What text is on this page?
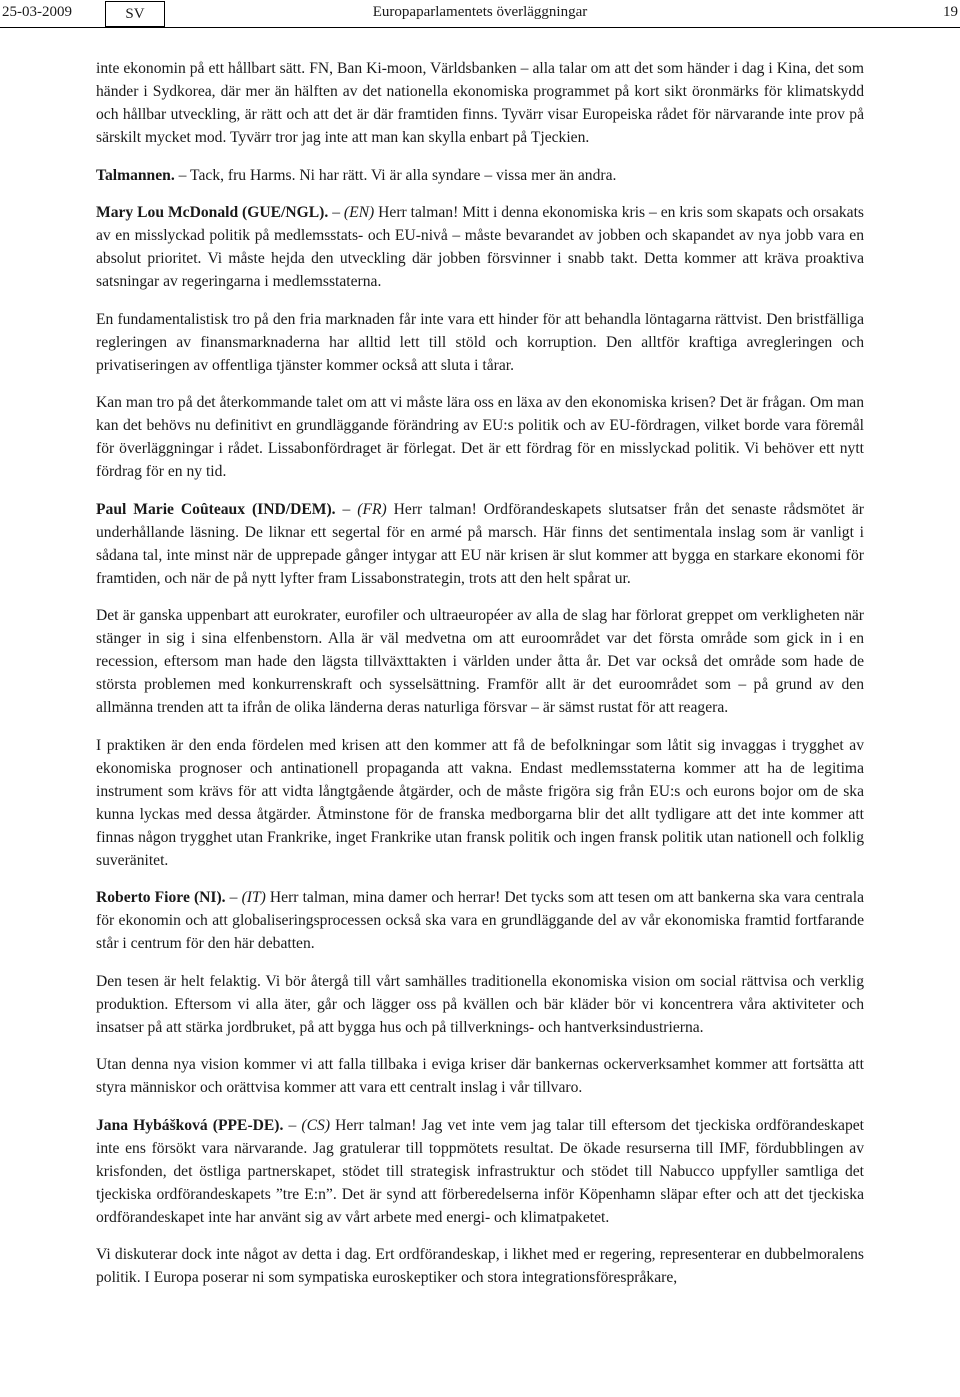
25-03-2009	SV	Europaparlamentets överläggningar	19

inte ekonomin på ett hållbart sätt. FN, Ban Ki-moon, Världsbanken – alla talar om att det som händer i dag i Kina, det som händer i Sydkorea, där mer än hälften av det nationella ekonomiska programmet på kort sikt öronmärks för klimatskydd och hållbar utveckling, är rätt och att det är där framtiden finns. Tyvärr visar Europeiska rådet för närvarande inte prov på särskilt mycket mod. Tyvärr tror jag inte att man kan skylla enbart på Tjeckien.

Talmannen. – Tack, fru Harms. Ni har rätt. Vi är alla syndare – vissa mer än andra.

Mary Lou McDonald (GUE/NGL). – (EN) Herr talman! Mitt i denna ekonomiska kris – en kris som skapats och orsakats av en misslyckad politik på medlemsstats- och EU-nivå – måste bevarandet av jobben och skapandet av nya jobb vara en absolut prioritet. Vi måste hejda den utveckling där jobben försvinner i snabb takt. Detta kommer att kräva proaktiva satsningar av regeringarna i medlemsstaterna.

En fundamentalistisk tro på den fria marknaden får inte vara ett hinder för att behandla löntagarna rättvist. Den bristfälliga regleringen av finansmarknaderna har alltid lett till stöld och korruption. Den alltför kraftiga avregleringen och privatiseringen av offentliga tjänster kommer också att sluta i tårar.

Kan man tro på det återkommande talet om att vi måste lära oss en läxa av den ekonomiska krisen? Det är frågan. Om man kan det behövs nu definitivt en grundläggande förändring av EU:s politik och av EU-fördragen, vilket borde vara föremål för överläggningar i rådet. Lissabonfördraget är förlegat. Det är ett fördrag för en misslyckad politik. Vi behöver ett nytt fördrag för en ny tid.

Paul Marie Coûteaux (IND/DEM). – (FR) Herr talman! Ordförandeskapets slutsatser från det senaste rådsmötet är underhållande läsning. De liknar ett segertal för en armé på marsch. Här finns det sentimentala inslag som är vanligt i sådana tal, inte minst när de upprepade gånger intygar att EU när krisen är slut kommer att bygga en starkare ekonomi för framtiden, och när de på nytt lyfter fram Lissabonstrategin, trots att den helt spårat ur.

Det är ganska uppenbart att eurokrater, eurofiler och ultraeuropéer av alla de slag har förlorat greppet om verkligheten när stänger in sig i sina elfenbenstorn. Alla är väl medvetna om att euroområdet var det första område som gick in i en recession, eftersom man hade den lägsta tillväxttakten i världen under åtta år. Det var också det område som hade de största problemen med konkurrenskraft och sysselsättning. Framför allt är det euroområdet som – på grund av den allmänna trenden att ta ifrån de olika länderna deras naturliga försvar – är sämst rustat för att reagera.

I praktiken är den enda fördelen med krisen att den kommer att få de befolkningar som låtit sig invaggas i trygghet av ekonomiska prognoser och antinationell propaganda att vakna. Endast medlemsstaterna kommer att ha de legitima instrument som krävs för att vidta långtgående åtgärder, och de måste frigöra sig från EU:s och eurons bojor om de ska kunna lyckas med dessa åtgärder. Åtminstone för de franska medborgarna blir det allt tydligare att det inte kommer att finnas någon trygghet utan Frankrike, inget Frankrike utan fransk politik och ingen fransk politik utan nationell och folklig suveränitet.

Roberto Fiore (NI). – (IT) Herr talman, mina damer och herrar! Det tycks som att tesen om att bankerna ska vara centrala för ekonomin och att globaliseringsprocessen också ska vara en grundläggande del av vår ekonomiska framtid fortfarande står i centrum för den här debatten.

Den tesen är helt felaktig. Vi bör återgå till vårt samhälles traditionella ekonomiska vision om social rättvisa och verklig produktion. Eftersom vi alla äter, går och lägger oss på kvällen och bär kläder bör vi koncentrera våra aktiviteter och insatser på att stärka jordbruket, på att bygga hus och på tillverknings- och hantverksindustrierna.

Utan denna nya vision kommer vi att falla tillbaka i eviga kriser där bankernas ockerverksamhet kommer att fortsätta att styra människor och orättvisa kommer att vara ett centralt inslag i vår tillvaro.

Jana Hybášková (PPE-DE). – (CS) Herr talman! Jag vet inte vem jag talar till eftersom det tjeckiska ordförandeskapet inte ens försökt vara närvarande. Jag gratulerar till toppmötets resultat. De ökade resurserna till IMF, fördubblingen av krisfonden, det östliga partnerskapet, stödet till strategisk infrastruktur och stödet till Nabucco uppfyller samtliga det tjeckiska ordförandeskapets ”tre E:n”. Det är synd att förberedelserna inför Köpenhamn släpar efter och att det tjeckiska ordförandeskapet inte har använt sig av vårt arbete med energi- och klimatpaketet.

Vi diskuterar dock inte något av detta i dag. Ert ordförandeskap, i likhet med er regering, representerar en dubbelmoralens politik. I Europa poserar ni som sympatiska euroskeptiker och stora integrationsförespråkare,
